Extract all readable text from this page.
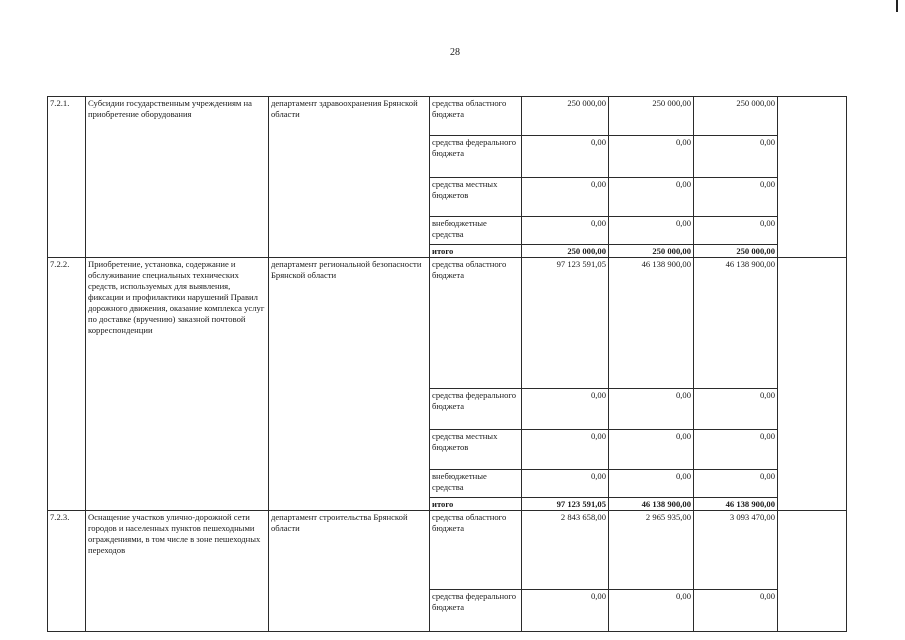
28
7.2.1.	Субсидии государственным учреждениям на приобретение оборудования	департамент здравоохранения Брянской области	средства областного бюджета	250 000,00	250 000,00	250 000,00	
			средства федерального бюджета	0,00	0,00	0,00	
			средства местных бюджетов	0,00	0,00	0,00	
			внебюджетные средства	0,00	0,00	0,00	
			итого	250 000,00	250 000,00	250 000,00	
7.2.2.	Приобретение, установка, содержание и обслуживание специальных технических средств, используемых для выявления, фиксации и профилактики нарушений Правил дорожного движения, оказание комплекса услуг по доставке (вручению) заказной почтовой корреспонденции	департамент региональной безопасности Брянской области	средства областного бюджета	97 123 591,05	46 138 900,00	46 138 900,00	
			средства федерального бюджета	0,00	0,00	0,00	
			средства местных бюджетов	0,00	0,00	0,00	
			внебюджетные средства	0,00	0,00	0,00	
			итого	97 123 591,05	46 138 900,00	46 138 900,00	
7.2.3.	Оснащение участков улично-дорожной сети городов и населенных пунктов пешеходными ограждениями, в том числе в зоне пешеходных переходов	департамент строительства Брянской области	средства областного бюджета	2 843 658,00	2 965 935,00	3 093 470,00	
			средства федерального бюджета	0,00	0,00	0,00	
